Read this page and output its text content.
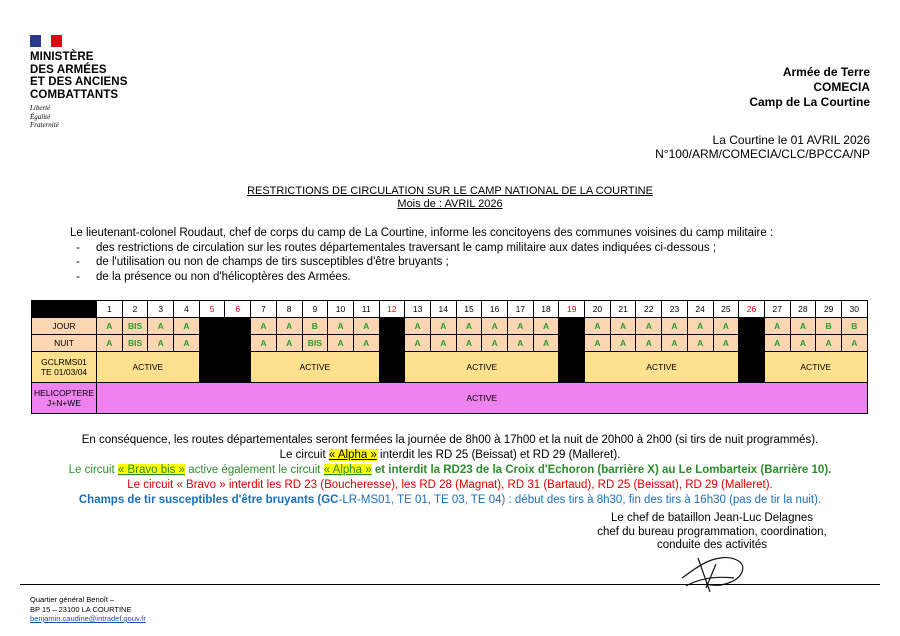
MINISTÈRE
DES ARMÉES
ET DES ANCIENS
COMBATTANTS
Liberté
Égalité
Fraternité
Armée de Terre
COMECIA
Camp de La Courtine
La Courtine le 01 AVRIL 2026
N°100/ARM/COMECIA/CLC/BPCCA/NP
RESTRICTIONS DE CIRCULATION SUR LE CAMP NATIONAL DE LA COURTINE
Mois de : AVRIL 2026
Le lieutenant-colonel Roudaut, chef de corps du camp de La Courtine, informe les concitoyens des communes voisines du camp militaire :
- des restrictions de circulation sur les routes départementales traversant le camp militaire aux dates indiquées ci-dessous ;
- de l'utilisation ou non de champs de tirs susceptibles d'être bruyants ;
- de la présence ou non d'hélicoptères des Armées.
	1	2	3	4	5	6	7	8	9	10	11	12	13	14	15	16	17	18	19	20	21	22	23	24	25	26	27	28	29	30
JOUR	A	BIS	A	A			A	A	B	A	A		A	A	A	A	A	A		A	A	A	A	A	A		A	A	B	B
NUIT	A	BIS	A	A			A	A	BIS	A	A		A	A	A	A	A	A		A	A	A	A	A	A		A	A	A	A

GCLRMS01
TE 01/03/04	ACTIVE						ACTIVE						ACTIVE							ACTIVE							ACTIVE			

HELICOPTERE
J+N+WE	ACTIVE																													
En conséquence, les routes départementales seront fermées la journée de 8h00 à 17h00 et la nuit de 20h00 à 2h00 (si tirs de nuit programmés).
Le circuit « Alpha » interdit les RD 25 (Beissat) et RD 29 (Malleret).
Le circuit « Bravo bis » active également le circuit « Alpha » et interdit la RD23 de la Croix d'Echoron (barrière X) au Le Lombarteix (Barrière 10).
Le circuit « Bravo » interdit les RD 23 (Boucheresse), les RD 28 (Magnat), RD 31 (Bartaud), RD 25 (Beissat), RD 29 (Malleret).
Champs de tir susceptibles d'être bruyants (GC-LR-MS01, TE 01, TE 03, TE 04) : début des tirs à 8h30, fin des tirs à 16h30 (pas de tir la nuit).
Le chef de bataillon Jean-Luc Delagnes
chef du bureau programmation, coordination,
conduite des activités
Quartier général Benoît –
BP 15 – 23100 LA COURTINE
benjamin.caudine@intradef.gouv.fr
